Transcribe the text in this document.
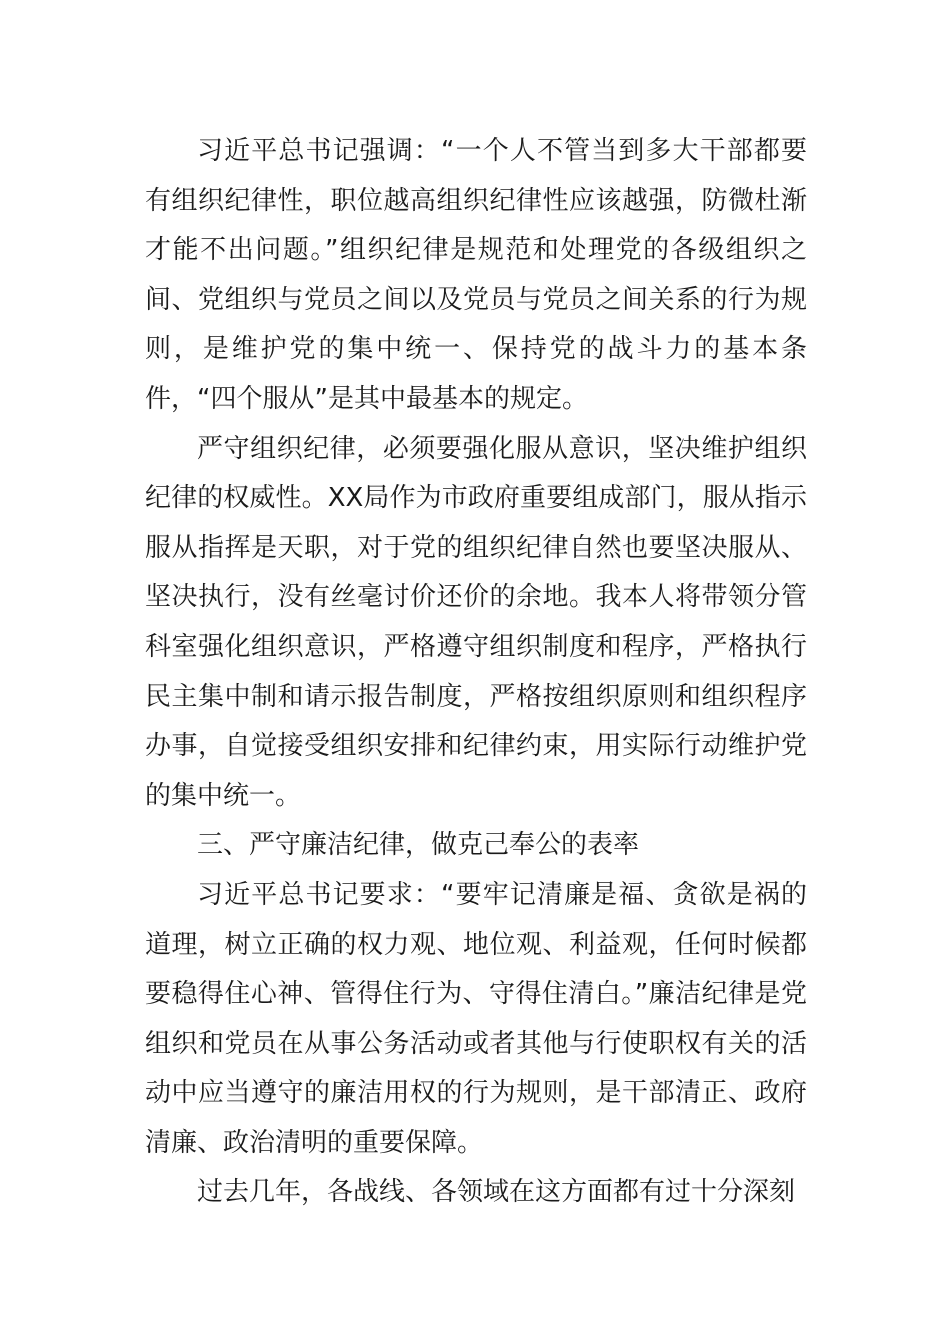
习近平总书记强调：“一个人不管当到多大干部都要有组织纪律性，职位越高组织纪律性应该越强，防微杜渐才能不出问题。”组织纪律是规范和处理党的各级组织之间、党组织与党员之间以及党员与党员之间关系的行为规则，是维护党的集中统一、保持党的战斗力的基本条件，“四个服从”是其中最基本的规定。

严守组织纪律，必须要强化服从意识，坚决维护组织纪律的权威性。XX局作为市政府重要组成部门，服从指示服从指挥是天职，对于党的组织纪律自然也要坚决服从、坚决执行，没有丝毫讨价还价的余地。我本人将带领分管科室强化组织意识，严格遵守组织制度和程序，严格执行民主集中制和请示报告制度，严格按组织原则和组织程序办事，自觉接受组织安排和纪律约束，用实际行动维护党的集中统一。

三、严守廉洁纪律，做克己奉公的表率

习近平总书记要求：“要牢记清廉是福、贪欲是祸的道理，树立正确的权力观、地位观、利益观，任何时候都要稳得住心神、管得住行为、守得住清白。”廉洁纪律是党组织和党员在从事公务活动或者其他与行使职权有关的活动中应当遵守的廉洁用权的行为规则，是干部清正、政府清廉、政治清明的重要保障。

过去几年，各战线、各领域在这方面都有过十分深刻
